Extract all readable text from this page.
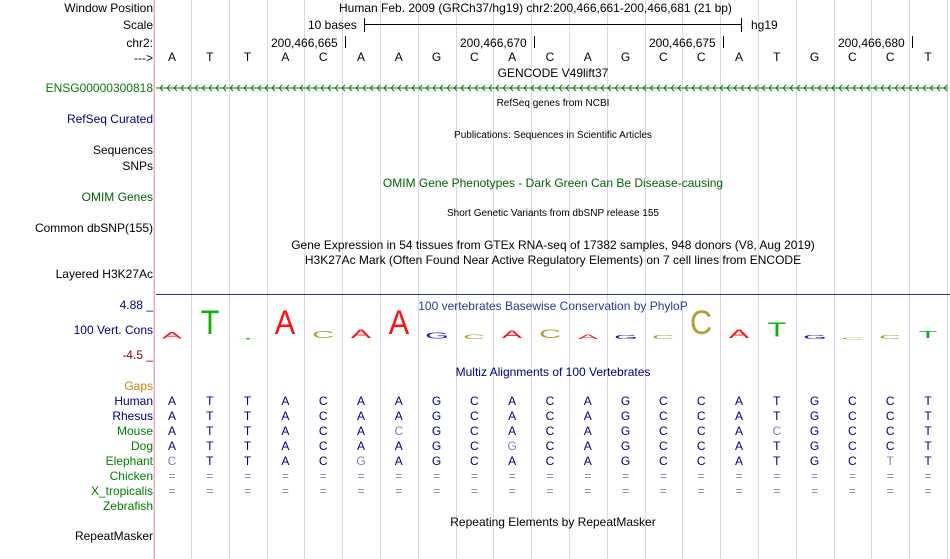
Window Position	Human Feb. 2009 (GRCh37/hg19) chr2:200,466,661-200,466,681 (21 bp)
Scale	10 bases	hg19
chr2:	200,466,665	200,466,670	200,466,675	200,466,680
--->	A	T	T	A	C	A	A	G	C	A	C	A	G	C	C	A	T	G	C	C	T
GENCODE V49lift37
ENSG00000300818
RefSeq genes from NCBI
RefSeq Curated
Publications: Sequences in Scientific Articles
Sequences
SNPs
OMIM Gene Phenotypes - Dark Green Can Be Disease-causing
OMIM Genes
Short Genetic Variants from dbSNP release 155
Common dbSNP(155)
Gene Expression in 54 tissues from GTEx RNA-seq of 17382 samples, 948 donors (V8, Aug 2019)
H3K27Ac Mark (Often Found Near Active Regulatory Elements) on 7 cell lines from ENCODE
Layered H3K27Ac
100 vertebrates Basewise Conservation by PhyloP
4.88 _
100 Vert. Cons
-4.5 _
A T T A C A A G C A C A G C C A T G C C T
Multiz Alignments of 100 Vertebrates
Gaps
Human	A	T	T	A	C	A	A	G	C	A	C	A	G	C	C	A	T	G	C	C	T
Rhesus	A	T	T	A	C	A	A	G	C	A	C	A	G	C	C	A	T	G	C	C	T
Mouse	A	T	T	A	C	A	C	G	C	A	C	A	G	C	C	A	C	G	C	C	T
Dog	A	T	T	A	C	A	A	G	C	G	C	A	G	C	C	A	T	G	C	C	T
Elephant	C	T	T	A	C	G	A	G	C	A	C	A	G	C	C	A	T	G	C	T	T
Chicken	=	=	=	=	=	=	=	=	=	=	=	=	=	=	=	=	=	=	=	=	=
X_tropicalis	=	=	=	=	=	=	=	=	=	=	=	=	=	=	=	=	=	=	=	=	=
Zebrafish
Repeating Elements by RepeatMasker
RepeatMasker
